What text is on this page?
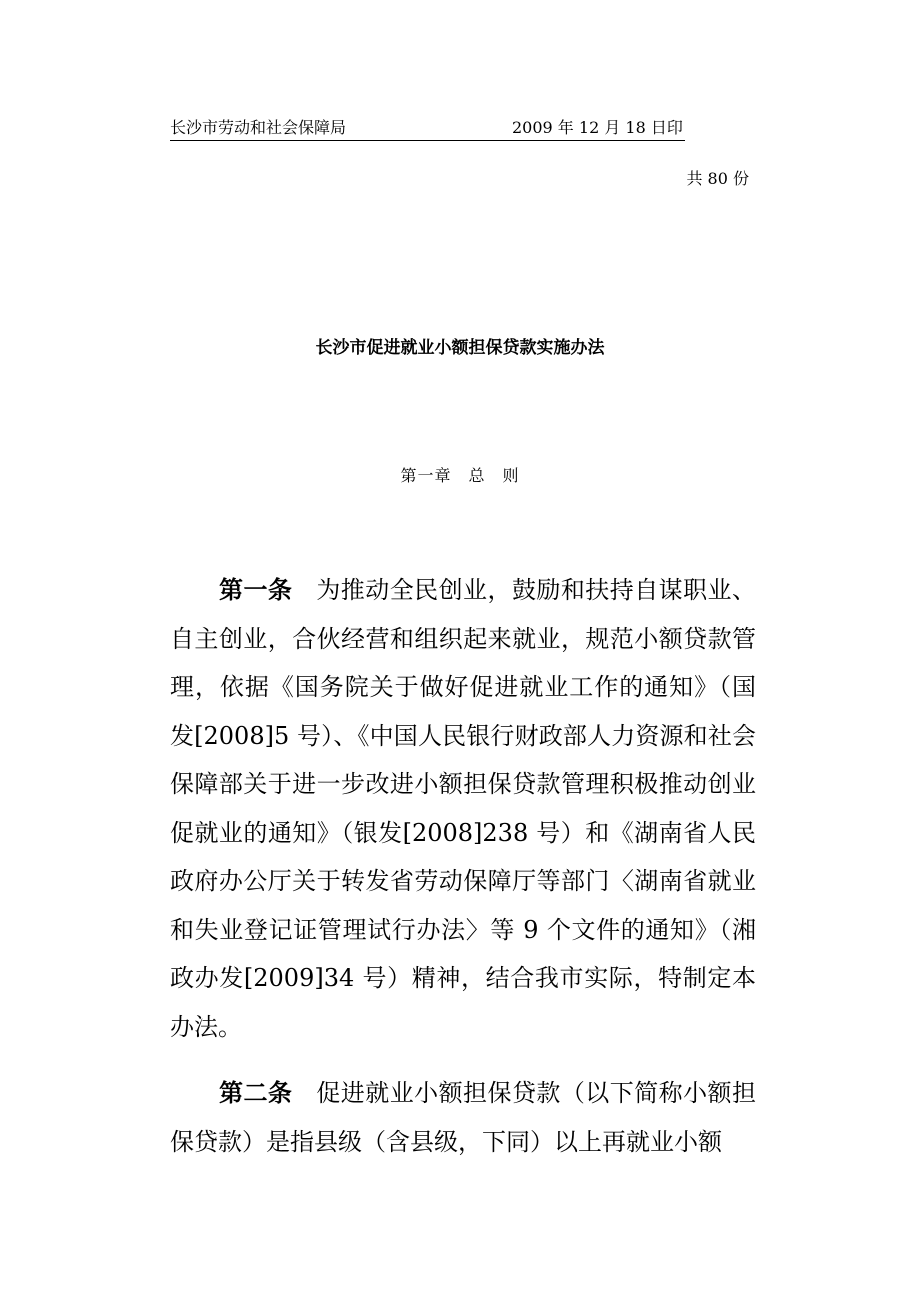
长沙市劳动和社会保障局	2009 年 12 月 18 日印
共 80 份
长沙市促进就业小额担保贷款实施办法
第一章　总　则
第一条 为推动全民创业，鼓励和扶持自谋职业、自主创业，合伙经营和组织起来就业，规范小额贷款管理，依据《国务院关于做好促进就业工作的通知》（国发[2008]5 号）、《中国人民银行财政部人力资源和社会保障部关于进一步改进小额担保贷款管理积极推动创业促就业的通知》（银发[2008]238 号）和《湖南省人民政府办公厅关于转发省劳动保障厅等部门〈湖南省就业和失业登记证管理试行办法〉等 9 个文件的通知》（湘政办发[2009]34 号）精神，结合我市实际，特制定本办法。
第二条 促进就业小额担保贷款（以下简称小额担保贷款）是指县级（含县级，下同）以上再就业小额
